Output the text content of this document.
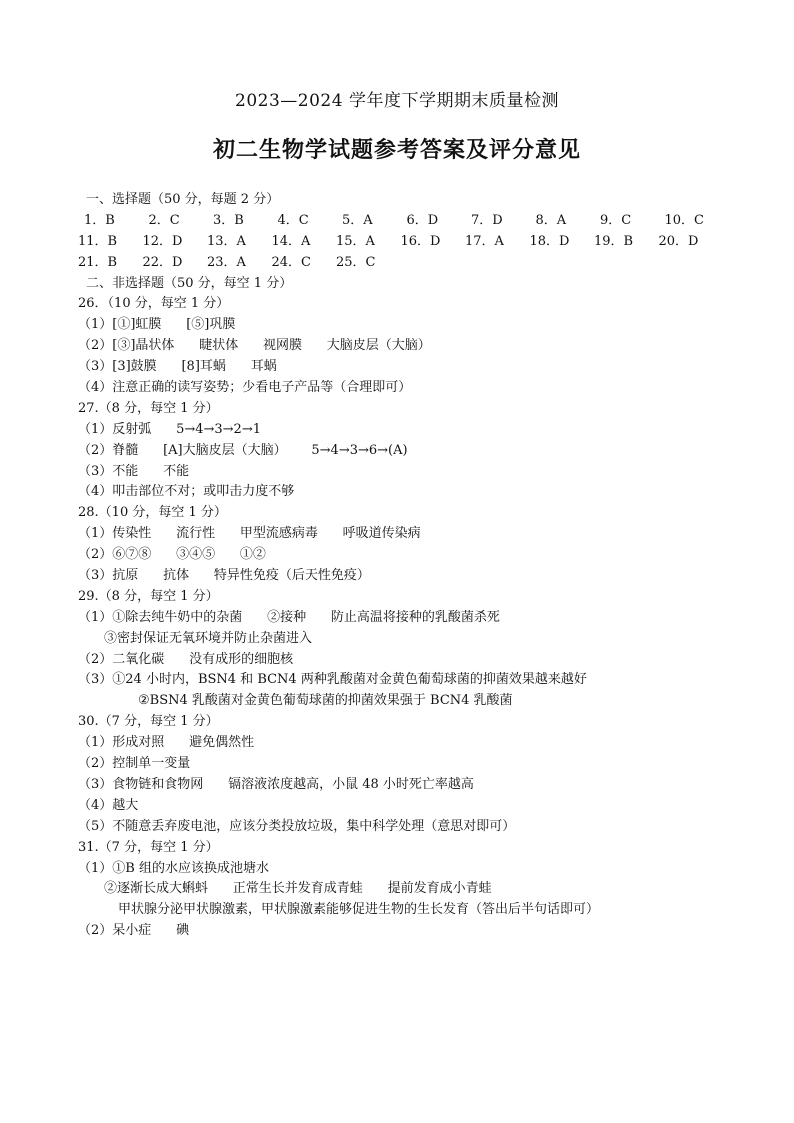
2023—2024 学年度下学期期末质量检测
初二生物学试题参考答案及评分意见
一、选择题（50 分，每题 2 分）
1．B	2．C	3．B	4．C	5．A	6．D	7．D	8．A	9．C	10．C
11．B	12．D	13．A	14．A	15．A	16．D	17．A	18．D	19．B	20．D
21．B	22．D	23．A	24．C	25．C
二、非选择题（50 分，每空 1 分）
26．（10 分，每空 1 分）
（1）[①]虹膜      [⑤]巩膜
（2）[③]晶状体      睫状体      视网膜      大脑皮层（大脑）
（3）[3]鼓膜      [8]耳蜗      耳蜗
（4）注意正确的读写姿势；少看电子产品等（合理即可）
27.（8 分，每空 1 分）
（1）反射弧      5→4→3→2→1
（2）脊髓      [A]大脑皮层（大脑）      5→4→3→6→(A)
（3）不能      不能
（4）叩击部位不对；或叩击力度不够
28.（10 分，每空 1 分）
（1）传染性      流行性      甲型流感病毒      呼吸道传染病
（2）⑥⑦⑧      ③④⑤      ①②
（3）抗原      抗体      特异性免疫（后天性免疫）
29.（8 分，每空 1 分）
（1）①除去纯牛奶中的杂菌      ②接种      防止高温将接种的乳酸菌杀死
③密封保证无氧环境并防止杂菌进入
（2）二氧化碳      没有成形的细胞核
（3）①24 小时内，BSN4 和 BCN4 两种乳酸菌对金黄色葡萄球菌的抑菌效果越来越好
②BSN4 乳酸菌对金黄色葡萄球菌的抑菌效果强于 BCN4 乳酸菌
30.（7 分，每空 1 分）
（1）形成对照      避免偶然性
（2）控制单一变量
（3）食物链和食物网      镉溶液浓度越高，小鼠 48 小时死亡率越高
（4）越大
（5）不随意丢弃废电池，应该分类投放垃圾，集中科学处理（意思对即可）
31.（7 分，每空 1 分）
（1）①B 组的水应该换成池塘水
②逐渐长成大蝌蚪      正常生长并发育成青蛙      提前发育成小青蛙
甲状腺分泌甲状腺激素，甲状腺激素能够促进生物的生长发育（答出后半句话即可）
（2）呆小症      碘
